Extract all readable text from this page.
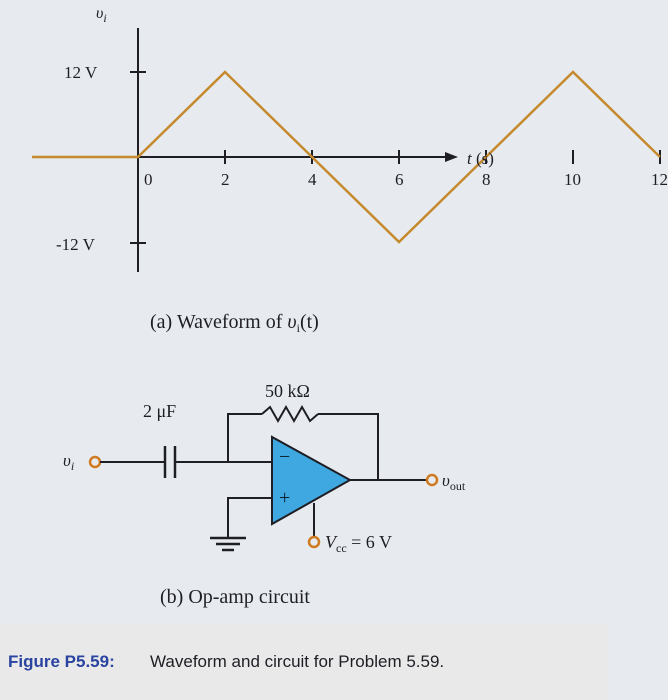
$\upsilon_i$
12 V
-12 V
t (s)
0	2	4	6	8	10	12
(a) Waveform of $\upsilon_i(t)$
50 kΩ
2 μF
$\upsilon_i$	−
+
$\upsilon_{out}$
$V_{cc} = 6$ V
(b) Op-amp circuit
Figure P5.59: Waveform and circuit for Problem 5.59.
